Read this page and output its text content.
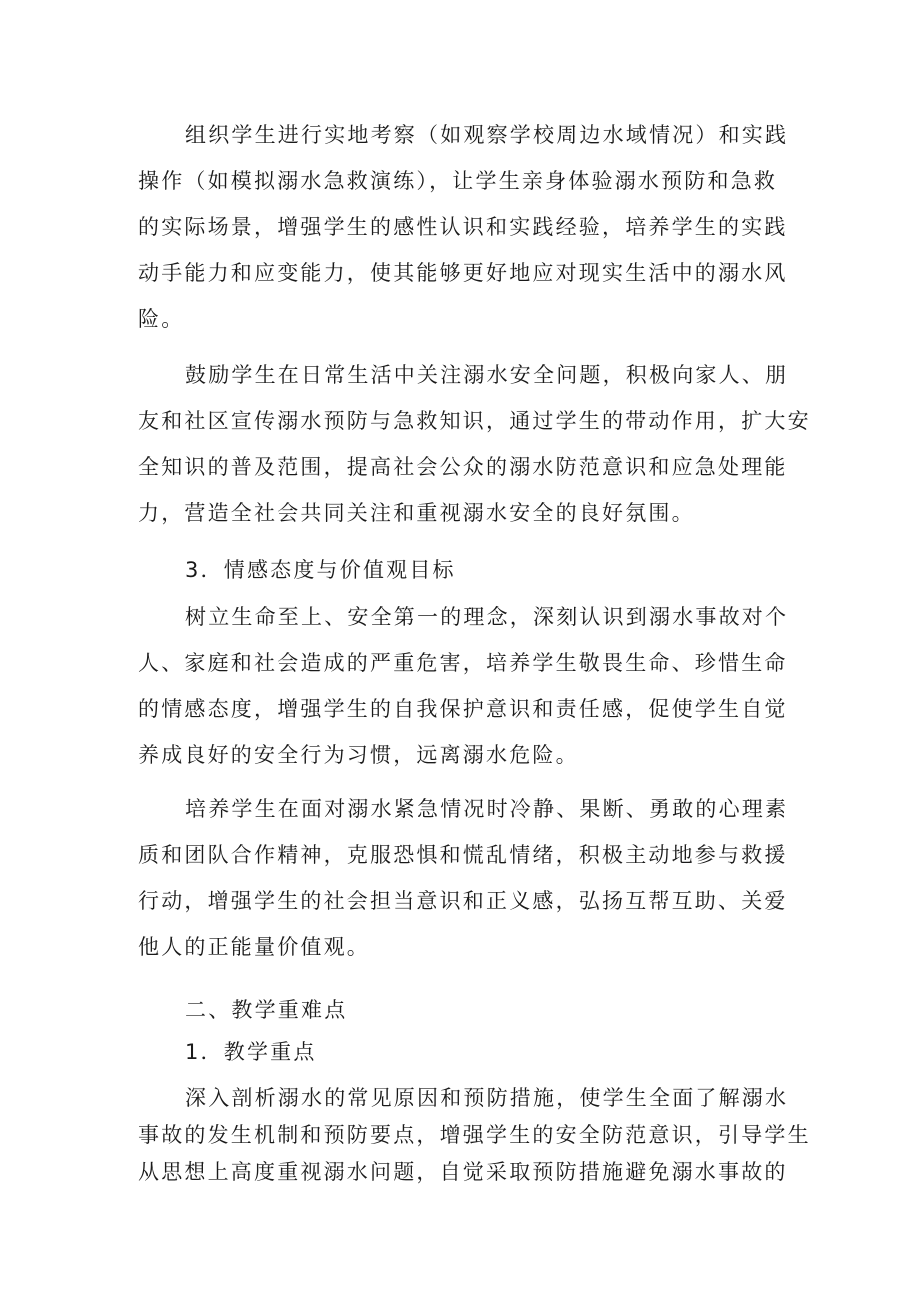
组织学生进行实地考察（如观察学校周边水域情况）和实践
操作（如模拟溺水急救演练），让学生亲身体验溺水预防和急救
的实际场景，增强学生的感性认识和实践经验，培养学生的实践
动手能力和应变能力，使其能够更好地应对现实生活中的溺水风
险。
鼓励学生在日常生活中关注溺水安全问题，积极向家人、朋
友和社区宣传溺水预防与急救知识，通过学生的带动作用，扩大安
全知识的普及范围，提高社会公众的溺水防范意识和应急处理能
力，营造全社会共同关注和重视溺水安全的良好氛围。
3．情感态度与价值观目标
树立生命至上、安全第一的理念，深刻认识到溺水事故对个
人、家庭和社会造成的严重危害，培养学生敬畏生命、珍惜生命
的情感态度，增强学生的自我保护意识和责任感，促使学生自觉
养成良好的安全行为习惯，远离溺水危险。
培养学生在面对溺水紧急情况时冷静、果断、勇敢的心理素
质和团队合作精神，克服恐惧和慌乱情绪，积极主动地参与救援
行动，增强学生的社会担当意识和正义感，弘扬互帮互助、关爱
他人的正能量价值观。
二、教学重难点
1．教学重点
深入剖析溺水的常见原因和预防措施，使学生全面了解溺水
事故的发生机制和预防要点，增强学生的安全防范意识，引导学生
从思想上高度重视溺水问题，自觉采取预防措施避免溺水事故的
